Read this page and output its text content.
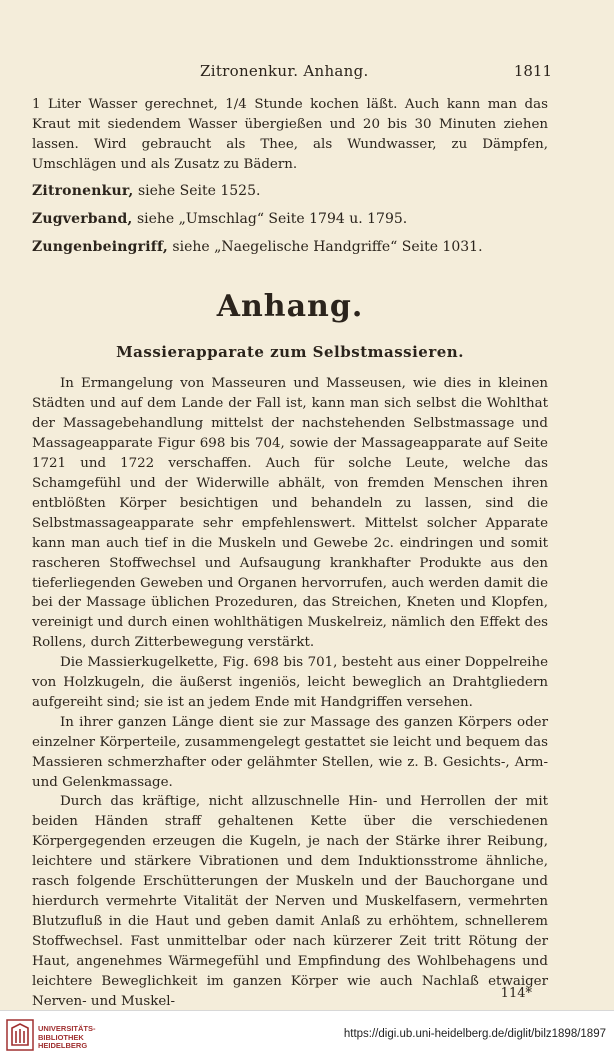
Zitronenkur. Anhang.	1811

1 Liter Wasser gerechnet, 1/4 Stunde kochen läßt. Auch kann man das Kraut mit siedendem Wasser übergießen und 20 bis 30 Minuten ziehen lassen. Wird gebraucht als Thee, als Wundwasser, zu Dämpfen, Umschlägen und als Zusatz zu Bädern.

Zitronenkur, siehe Seite 1525.

Zugverband, siehe „Umschlag“ Seite 1794 u. 1795.

Zungenbeingriff, siehe „Naegelische Handgriffe“ Seite 1031.

Anhang.
Massierapparate zum Selbstmassieren.

In Ermangelung von Masseuren und Masseusen, wie dies in kleinen Städten und auf dem Lande der Fall ist, kann man sich selbst die Wohlthat der Massagebehandlung mittelst der nachstehenden Selbstmassage und Massageapparate Figur 698 bis 704, sowie der Massageapparate auf Seite 1721 und 1722 verschaffen. Auch für solche Leute, welche das Schamgefühl und der Widerwille abhält, von fremden Menschen ihren entblößten Körper besichtigen und behandeln zu lassen, sind die Selbstmassageapparate sehr empfehlenswert. Mittelst solcher Apparate kann man auch tief in die Muskeln und Gewebe 2c. eindringen und somit rascheren Stoffwechsel und Aufsaugung krankhafter Produkte aus den tieferliegenden Geweben und Organen hervorrufen, auch werden damit die bei der Massage üblichen Prozeduren, das Streichen, Kneten und Klopfen, vereinigt und durch einen wohlthätigen Muskelreiz, nämlich den Effekt des Rollens, durch Zitterbewegung verstärkt.

Die Massierkugelkette, Fig. 698 bis 701, besteht aus einer Doppelreihe von Holzkugeln, die äußerst ingeniös, leicht beweglich an Drahtgliedern aufgereiht sind; sie ist an jedem Ende mit Handgriffen versehen.

In ihrer ganzen Länge dient sie zur Massage des ganzen Körpers oder einzelner Körperteile, zusammengelegt gestattet sie leicht und bequem das Massieren schmerzhafter oder gelähmter Stellen, wie z. B. Gesichts-, Arm- und Gelenkmassage.

Durch das kräftige, nicht allzuschnelle Hin- und Herrollen der mit beiden Händen straff gehaltenen Kette über die verschiedenen Körpergegenden erzeugen die Kugeln, je nach der Stärke ihrer Reibung, leichtere und stärkere Vibrationen und dem Induktionsstrome ähnliche, rasch folgende Erschütterungen der Muskeln und der Bauchorgane und hierdurch vermehrte Vitalität der Nerven und Muskelfasern, vermehrten Blutzufluß in die Haut und geben damit Anlaß zu erhöhtem, schnellerem Stoffwechsel. Fast unmittelbar oder nach kürzerer Zeit tritt Rötung der Haut, angenehmes Wärmegefühl und Empfindung des Wohlbehagens und leichtere Beweglichkeit im ganzen Körper wie auch Nachlaß etwaiger Nerven- und Muskel-

114*
UNIVERSITÄTS-
BIBLIOTHEK
HEIDELBERG
https://digi.ub.uni-heidelberg.de/diglit/bilz1898/1897
